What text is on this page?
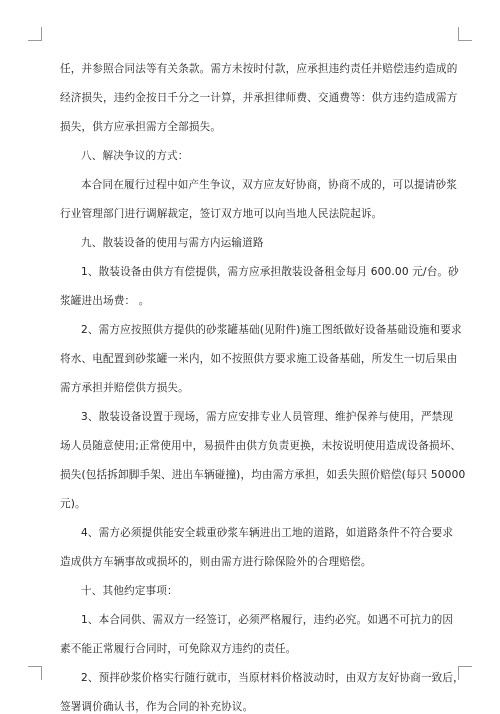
任，并参照合同法等有关条款。需方未按时付款，应承担违约责任并赔偿违约造成的
经济损失，违约金按日千分之一计算，并承担律师费、交通费等：供方违约造成需方
损失，供方应承担需方全部损失。
八、解决争议的方式：
本合同在履行过程中如产生争议，双方应友好协商，协商不成的，可以提请砂浆
行业管理部门进行调解裁定，签订双方地可以向当地人民法院起诉。
九、散装设备的使用与需方内运输道路
1、散装设备由供方有偿提供，需方应承担散装设备租金每月 600.00 元/台。砂
浆罐进出场费： 。
2、需方应按照供方提供的砂浆罐基础(见附件)施工图纸做好设备基础设施和要求
将水、电配置到砂浆罐一米内，如不按照供方要求施工设备基础，所发生一切后果由
需方承担并赔偿供方损失。
3、散装设备设置于现场，需方应安排专业人员管理、维护保养与使用，严禁现
场人员随意使用;正常使用中，易损件由供方负责更换，未按说明使用造成设备损坏、
损失(包括拆卸脚手架、进出车辆碰撞)，均由需方承担，如丢失照价赔偿(每只 50000
元)。
4、需方必须提供能安全载重砂浆车辆进出工地的道路，如道路条件不符合要求
造成供方车辆事故或损坏的，则由需方进行除保险外的合理赔偿。
十、其他约定事项：
1、本合同供、需双方一经签订，必须严格履行，违约必究。如遇不可抗力的因
素不能正常履行合同时，可免除双方违约的责任。
2、预拌砂浆价格实行随行就市，当原材料价格波动时，由双方友好协商一致后，
签署调价确认书，作为合同的补充协议。
